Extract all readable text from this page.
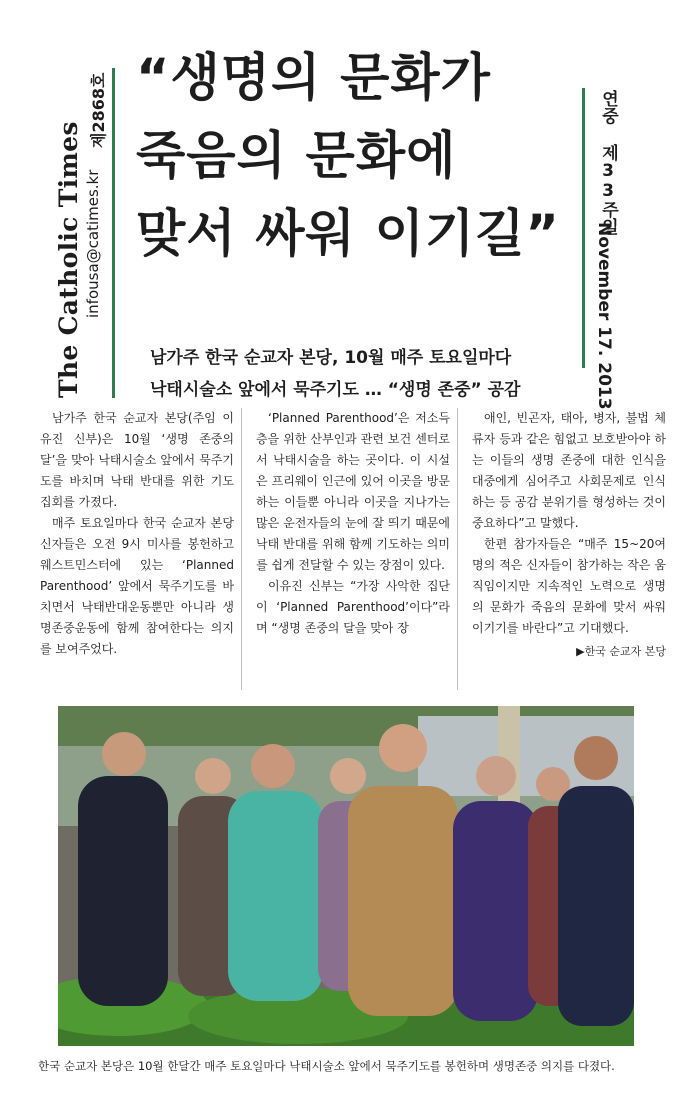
The Catholic Times infousa@catimes.kr
제2868호 “생명의 문화가
죽음의 문화에
맞서 싸워 이기길”	연중 제33주일
November 17. 2013
남가주 한국 순교자 본당, 10월 매주 토요일마다
낙태시술소 앞에서 묵주기도 … “생명 존중” 공감

남가주 한국 순교자 본당(주임 이유진 신부)은 10월 ‘생명 존중의 달’을 맞아 낙태시술소 앞에서 묵주기도를 바치며 낙태 반대를 위한 기도 집회를 가졌다.

매주 토요일마다 한국 순교자 본당 신자들은 오전 9시 미사를 봉헌하고 웨스트민스터에 있는 ‘Planned Parenthood’ 앞에서 묵주기도를 바치면서 낙태반대운동뿐만 아니라 생명존중운동에 함께 참여한다는 의지를 보여주었다.

‘Planned Parenthood’은 저소득층을 위한 산부인과 관련 보건 센터로서 낙태시술을 하는 곳이다. 이 시설은 프리웨이 인근에 있어 이곳을 방문하는 이들뿐 아니라 이곳을 지나가는 많은 운전자들의 눈에 잘 띄기 때문에 낙태 반대를 위해 함께 기도하는 의미를 쉽게 전달할 수 있는 장점이 있다.

이유진 신부는 “가장 사악한 집단이 ‘Planned Parenthood’이다”라며 “생명 존중의 달을 맞아 장

애인, 빈곤자, 태아, 병자, 불법 체류자 등과 같은 힘없고 보호받아야 하는 이들의 생명 존중에 대한 인식을 대중에게 심어주고 사회문제로 인식하는 등 공감 분위기를 형성하는 것이 중요하다”고 말했다.

한편 참가자들은 “매주 15~20여 명의 적은 신자들이 참가하는 작은 움직임이지만 지속적인 노력으로 생명의 문화가 죽음의 문화에 맞서 싸워 이기기를 바란다”고 기대했다.

▶한국 순교자 본당
한국 순교자 본당은 10월 한달간 매주 토요일마다 낙태시술소 앞에서 묵주기도를 봉헌하며 생명존중 의지를 다졌다.
